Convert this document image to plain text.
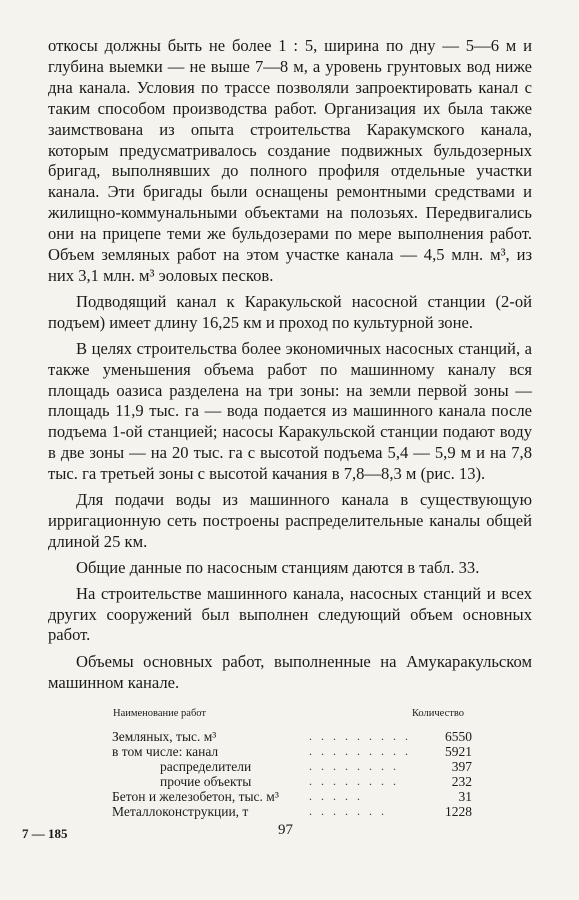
откосы должны быть не более 1 : 5, ширина по дну — 5—6 м и глубина выемки — не выше 7—8 м, а уровень грунтовых вод ниже дна канала. Условия по трассе позволяли запроектировать канал с таким способом производства работ. Организация их была также заимствована из опыта строительства Каракумского канала, которым предусматривалось создание подвижных бульдозерных бригад, выполнявших до полного профиля отдельные участки канала. Эти бригады были оснащены ремонтными средствами и жилищно-коммунальными объектами на полозьях. Передвигались они на прицепе теми же бульдозерами по мере выполнения работ. Объем земляных работ на этом участке канала — 4,5 млн. м³, из них 3,1 млн. м³ эоловых песков.

Подводящий канал к Каракульской насосной станции (2-ой подъем) имеет длину 16,25 км и проход по культурной зоне.

В целях строительства более экономичных насосных станций, а также уменьшения объема работ по машинному каналу вся площадь оазиса разделена на три зоны: на земли первой зоны — площадь 11,9 тыс. га — вода подается из машинного канала после подъема 1-ой станцией; насосы Каракульской станции подают воду в две зоны — на 20 тыс. га с высотой подъема 5,4 — 5,9 м и на 7,8 тыс. га третьей зоны с высотой качания в 7,8—8,3 м (рис. 13).

Для подачи воды из машинного канала в существующую ирригационную сеть построены распределительные каналы общей длиной 25 км.

Общие данные по насосным станциям даются в табл. 33.

На строительстве машинного канала, насосных станций и всех других сооружений был выполнен следующий объем основных работ.

Объемы основных работ, выполненные на Амукаракульском машинном канале.

Наименование работ		Количество
Земляных, тыс. м³	. . . . . . . . .	6550
в том числе: канал	. . . . . . . . .	5921
распределители	. . . . . . . .	397
прочие объекты	. . . . . . . .	232
Бетон и железобетон, тыс. м³	. . . . .	31
Металлоконструкции, т	. . . . . . .	1228
7 — 185	97
